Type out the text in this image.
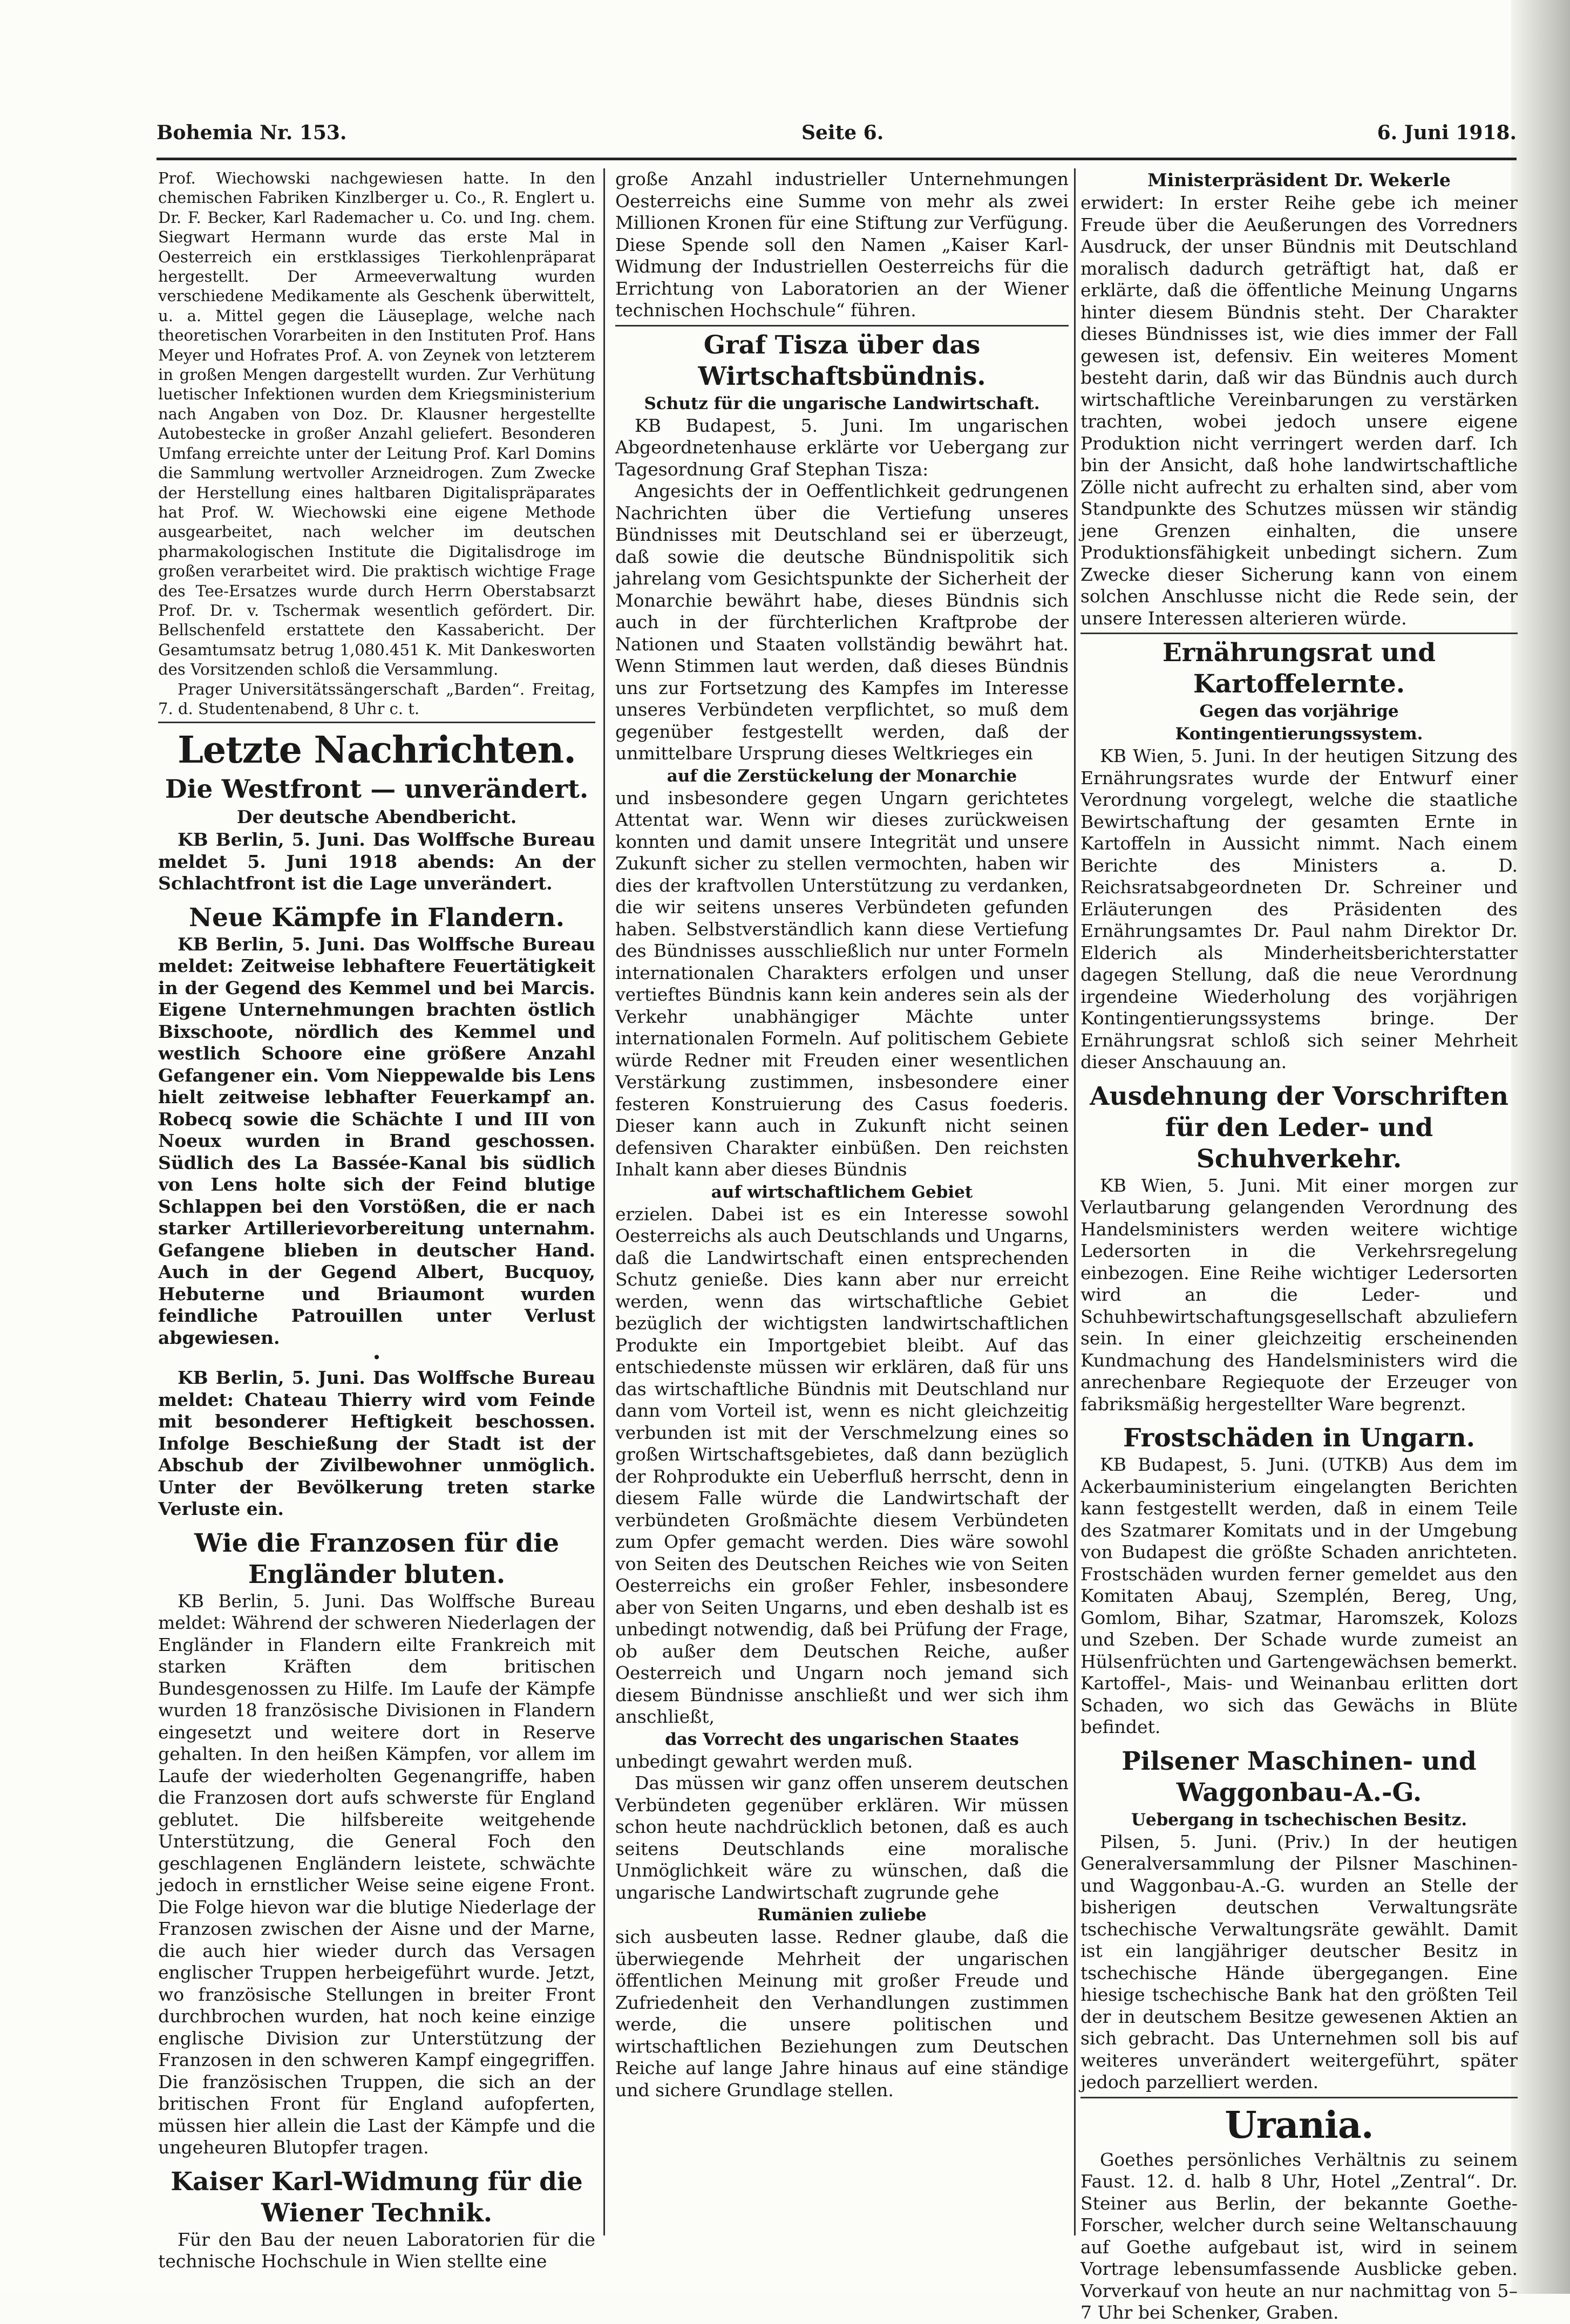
Bohemia Nr. 153.	Seite 6.	6. Juni 1918.

Prof. Wiechowski nachgewiesen hatte. In den chemischen Fabriken Kinzlberger u. Co., R. Englert u. Dr. F. Becker, Karl Rademacher u. Co. und Ing. chem. Siegwart Hermann wurde das erste Mal in Oesterreich ein erstklassiges Tierkohlenpräparat hergestellt. Der Armeeverwaltung wurden verschiedene Medikamente als Geschenk überwittelt, u. a. Mittel gegen die Läuseplage, welche nach theoretischen Vorarbeiten in den Instituten Prof. Hans Meyer und Hofrates Prof. A. von Zeynek von letzterem in großen Mengen dargestellt wurden. Zur Verhütung luetischer Infektionen wurden dem Kriegsministerium nach Angaben von Doz. Dr. Klausner hergestellte Autobestecke in großer Anzahl geliefert. Besonderen Umfang erreichte unter der Leitung Prof. Karl Domins die Sammlung wertvoller Arzneidrogen. Zum Zwecke der Herstellung eines haltbaren Digitalispräparates hat Prof. W. Wiechowski eine eigene Methode ausgearbeitet, nach welcher im deutschen pharmakologischen Institute die Digitalisdroge im großen verarbeitet wird. Die praktisch wichtige Frage des Tee-Ersatzes wurde durch Herrn Oberstabsarzt Prof. Dr. v. Tschermak wesentlich gefördert. Dir. Bellschenfeld erstattete den Kassabericht. Der Gesamtumsatz betrug 1,080.451 K. Mit Dankesworten des Vorsitzenden schloß die Versammlung.

Prager Universitätssängerschaft „Barden“. Freitag, 7. d. Studentenabend, 8 Uhr c. t.

Letzte Nachrichten.
Die Westfront — unverändert.
Der deutsche Abendbericht.

KB Berlin, 5. Juni. Das Wolffsche Bureau meldet 5. Juni 1918 abends: An der Schlachtfront ist die Lage unverändert.

Neue Kämpfe in Flandern.

KB Berlin, 5. Juni. Das Wolffsche Bureau meldet: Zeitweise lebhaftere Feuertätigkeit in der Gegend des Kemmel und bei Marcis. Eigene Unternehmungen brachten östlich Bixschoote, nördlich des Kemmel und westlich Schoore eine größere Anzahl Gefangener ein. Vom Nieppewalde bis Lens hielt zeitweise lebhafter Feuerkampf an. Robecq sowie die Schächte I und III von Noeux wurden in Brand geschossen. Südlich des La Bassée-Kanal bis südlich von Lens holte sich der Feind blutige Schlappen bei den Vorstößen, die er nach starker Artillerievorbereitung unternahm. Gefangene blieben in deutscher Hand. Auch in der Gegend Albert, Bucquoy, Hebuterne und Briaumont wurden feindliche Patrouillen unter Verlust abgewiesen.

•

KB Berlin, 5. Juni. Das Wolffsche Bureau meldet: Chateau Thierry wird vom Feinde mit besonderer Heftigkeit beschossen. Infolge Beschießung der Stadt ist der Abschub der Zivilbewohner unmöglich. Unter der Bevölkerung treten starke Verluste ein.

Wie die Franzosen für die Engländer bluten.

KB Berlin, 5. Juni. Das Wolffsche Bureau meldet: Während der schweren Niederlagen der Engländer in Flandern eilte Frankreich mit starken Kräften dem britischen Bundesgenossen zu Hilfe. Im Laufe der Kämpfe wurden 18 französische Divisionen in Flandern eingesetzt und weitere dort in Reserve gehalten. In den heißen Kämpfen, vor allem im Laufe der wiederholten Gegenangriffe, haben die Franzosen dort aufs schwerste für England geblutet. Die hilfsbereite weitgehende Unterstützung, die General Foch den geschlagenen Engländern leistete, schwächte jedoch in ernstlicher Weise seine eigene Front. Die Folge hievon war die blutige Niederlage der Franzosen zwischen der Aisne und der Marne, die auch hier wieder durch das Versagen englischer Truppen herbeigeführt wurde. Jetzt, wo französische Stellungen in breiter Front durchbrochen wurden, hat noch keine einzige englische Division zur Unterstützung der Franzosen in den schweren Kampf eingegriffen. Die französischen Truppen, die sich an der britischen Front für England aufopferten, müssen hier allein die Last der Kämpfe und die ungeheuren Blutopfer tragen.

Kaiser Karl-Widmung für die Wiener Technik.

Für den Bau der neuen Laboratorien für die technische Hochschule in Wien stellte eine

große Anzahl industrieller Unternehmungen Oesterreichs eine Summe von mehr als zwei Millionen Kronen für eine Stiftung zur Verfügung. Diese Spende soll den Namen „Kaiser Karl-Widmung der Industriellen Oesterreichs für die Errichtung von Laboratorien an der Wiener technischen Hochschule“ führen.

Graf Tisza über das Wirtschaftsbündnis.
Schutz für die ungarische Landwirtschaft.

KB Budapest, 5. Juni. Im ungarischen Abgeordnetenhause erklärte vor Uebergang zur Tagesordnung Graf Stephan Tisza:

Angesichts der in Oeffentlichkeit gedrungenen Nachrichten über die Vertiefung unseres Bündnisses mit Deutschland sei er überzeugt, daß sowie die deutsche Bündnispolitik sich jahrelang vom Gesichtspunkte der Sicherheit der Monarchie bewährt habe, dieses Bündnis sich auch in der fürchterlichen Kraftprobe der Nationen und Staaten vollständig bewährt hat. Wenn Stimmen laut werden, daß dieses Bündnis uns zur Fortsetzung des Kampfes im Interesse unseres Verbündeten verpflichtet, so muß dem gegenüber festgestellt werden, daß der unmittelbare Ursprung dieses Weltkrieges ein

auf die Zerstückelung der Monarchie

und insbesondere gegen Ungarn gerichtetes Attentat war. Wenn wir dieses zurückweisen konnten und damit unsere Integrität und unsere Zukunft sicher zu stellen vermochten, haben wir dies der kraftvollen Unterstützung zu verdanken, die wir seitens unseres Verbündeten gefunden haben. Selbstverständlich kann diese Vertiefung des Bündnisses ausschließlich nur unter Formeln internationalen Charakters erfolgen und unser vertieftes Bündnis kann kein anderes sein als der Verkehr unabhängiger Mächte unter internationalen Formeln. Auf politischem Gebiete würde Redner mit Freuden einer wesentlichen Verstärkung zustimmen, insbesondere einer festeren Konstruierung des Casus foederis. Dieser kann auch in Zukunft nicht seinen defensiven Charakter einbüßen. Den reichsten Inhalt kann aber dieses Bündnis

auf wirtschaftlichem Gebiet

erzielen. Dabei ist es ein Interesse sowohl Oesterreichs als auch Deutschlands und Ungarns, daß die Landwirtschaft einen entsprechenden Schutz genieße. Dies kann aber nur erreicht werden, wenn das wirtschaftliche Gebiet bezüglich der wichtigsten landwirtschaftlichen Produkte ein Importgebiet bleibt. Auf das entschiedenste müssen wir erklären, daß für uns das wirtschaftliche Bündnis mit Deutschland nur dann vom Vorteil ist, wenn es nicht gleichzeitig verbunden ist mit der Verschmelzung eines so großen Wirtschaftsgebietes, daß dann bezüglich der Rohprodukte ein Ueberfluß herrscht, denn in diesem Falle würde die Landwirtschaft der verbündeten Großmächte diesem Verbündeten zum Opfer gemacht werden. Dies wäre sowohl von Seiten des Deutschen Reiches wie von Seiten Oesterreichs ein großer Fehler, insbesondere aber von Seiten Ungarns, und eben deshalb ist es unbedingt notwendig, daß bei Prüfung der Frage, ob außer dem Deutschen Reiche, außer Oesterreich und Ungarn noch jemand sich diesem Bündnisse anschließt und wer sich ihm anschließt,

das Vorrecht des ungarischen Staates

unbedingt gewahrt werden muß.

Das müssen wir ganz offen unserem deutschen Verbündeten gegenüber erklären. Wir müssen schon heute nachdrücklich betonen, daß es auch seitens Deutschlands eine moralische Unmöglichkeit wäre zu wünschen, daß die ungarische Landwirtschaft zugrunde gehe

Rumänien zuliebe

sich ausbeuten lasse. Redner glaube, daß die überwiegende Mehrheit der ungarischen öffentlichen Meinung mit großer Freude und Zufriedenheit den Verhandlungen zustimmen werde, die unsere politischen und wirtschaftlichen Beziehungen zum Deutschen Reiche auf lange Jahre hinaus auf eine ständige und sichere Grundlage stellen.

Ministerpräsident Dr. Wekerle

erwidert: In erster Reihe gebe ich meiner Freude über die Aeußerungen des Vorredners Ausdruck, der unser Bündnis mit Deutschland moralisch dadurch geträftigt hat, daß er erklärte, daß die öffentliche Meinung Ungarns hinter diesem Bündnis steht. Der Charakter dieses Bündnisses ist, wie dies immer der Fall gewesen ist, defensiv. Ein weiteres Moment besteht darin, daß wir das Bündnis auch durch wirtschaftliche Vereinbarungen zu verstärken trachten, wobei jedoch unsere eigene Produktion nicht verringert werden darf. Ich bin der Ansicht, daß hohe landwirtschaftliche Zölle nicht aufrecht zu erhalten sind, aber vom Standpunkte des Schutzes müssen wir ständig jene Grenzen einhalten, die unsere Produktionsfähigkeit unbedingt sichern. Zum Zwecke dieser Sicherung kann von einem solchen Anschlusse nicht die Rede sein, der unsere Interessen alterieren würde.

Ernährungsrat und Kartoffelernte.
Gegen das vorjährige Kontingentierungssystem.

KB Wien, 5. Juni. In der heutigen Sitzung des Ernährungsrates wurde der Entwurf einer Verordnung vorgelegt, welche die staatliche Bewirtschaftung der gesamten Ernte in Kartoffeln in Aussicht nimmt. Nach einem Berichte des Ministers a. D. Reichsratsabgeordneten Dr. Schreiner und Erläuterungen des Präsidenten des Ernährungsamtes Dr. Paul nahm Direktor Dr. Elderich als Minderheitsberichterstatter dagegen Stellung, daß die neue Verordnung irgendeine Wiederholung des vorjährigen Kontingentierungssystems bringe. Der Ernährungsrat schloß sich seiner Mehrheit dieser Anschauung an.

Ausdehnung der Vorschriften für den Leder- und Schuhverkehr.

KB Wien, 5. Juni. Mit einer morgen zur Verlautbarung gelangenden Verordnung des Handelsministers werden weitere wichtige Ledersorten in die Verkehrsregelung einbezogen. Eine Reihe wichtiger Ledersorten wird an die Leder- und Schuhbewirtschaftungsgesellschaft abzuliefern sein. In einer gleichzeitig erscheinenden Kundmachung des Handelsministers wird die anrechenbare Regiequote der Erzeuger von fabriksmäßig hergestellter Ware begrenzt.

Frostschäden in Ungarn.

KB Budapest, 5. Juni. (UTKB) Aus dem im Ackerbauministerium eingelangten Berichten kann festgestellt werden, daß in einem Teile des Szatmarer Komitats und in der Umgebung von Budapest die größte Schaden anrichteten. Frostschäden wurden ferner gemeldet aus den Komitaten Abauj, Szemplén, Bereg, Ung, Gomlom, Bihar, Szatmar, Haromszek, Kolozs und Szeben. Der Schade wurde zumeist an Hülsenfrüchten und Gartengewächsen bemerkt. Kartoffel-, Mais- und Weinanbau erlitten dort Schaden, wo sich das Gewächs in Blüte befindet.

Pilsener Maschinen- und Waggonbau-A.-G.
Uebergang in tschechischen Besitz.

Pilsen, 5. Juni. (Priv.) In der heutigen Generalversammlung der Pilsner Maschinen- und Waggonbau-A.-G. wurden an Stelle der bisherigen deutschen Verwaltungsräte tschechische Verwaltungsräte gewählt. Damit ist ein langjähriger deutscher Besitz in tschechische Hände übergegangen. Eine hiesige tschechische Bank hat den größten Teil der in deutschem Besitze gewesenen Aktien an sich gebracht. Das Unternehmen soll bis auf weiteres unverändert weitergeführt, später jedoch parzelliert werden.

Urania.

Goethes persönliches Verhältnis zu seinem Faust. 12. d. halb 8 Uhr, Hotel „Zentral“. Dr. Steiner aus Berlin, der bekannte Goethe-Forscher, welcher durch seine Weltanschauung auf Goethe aufgebaut ist, wird in seinem Vortrage lebensumfassende Ausblicke geben. Vorverkauf von heute an nur nachmittag von 5–7 Uhr bei Schenker, Graben.
